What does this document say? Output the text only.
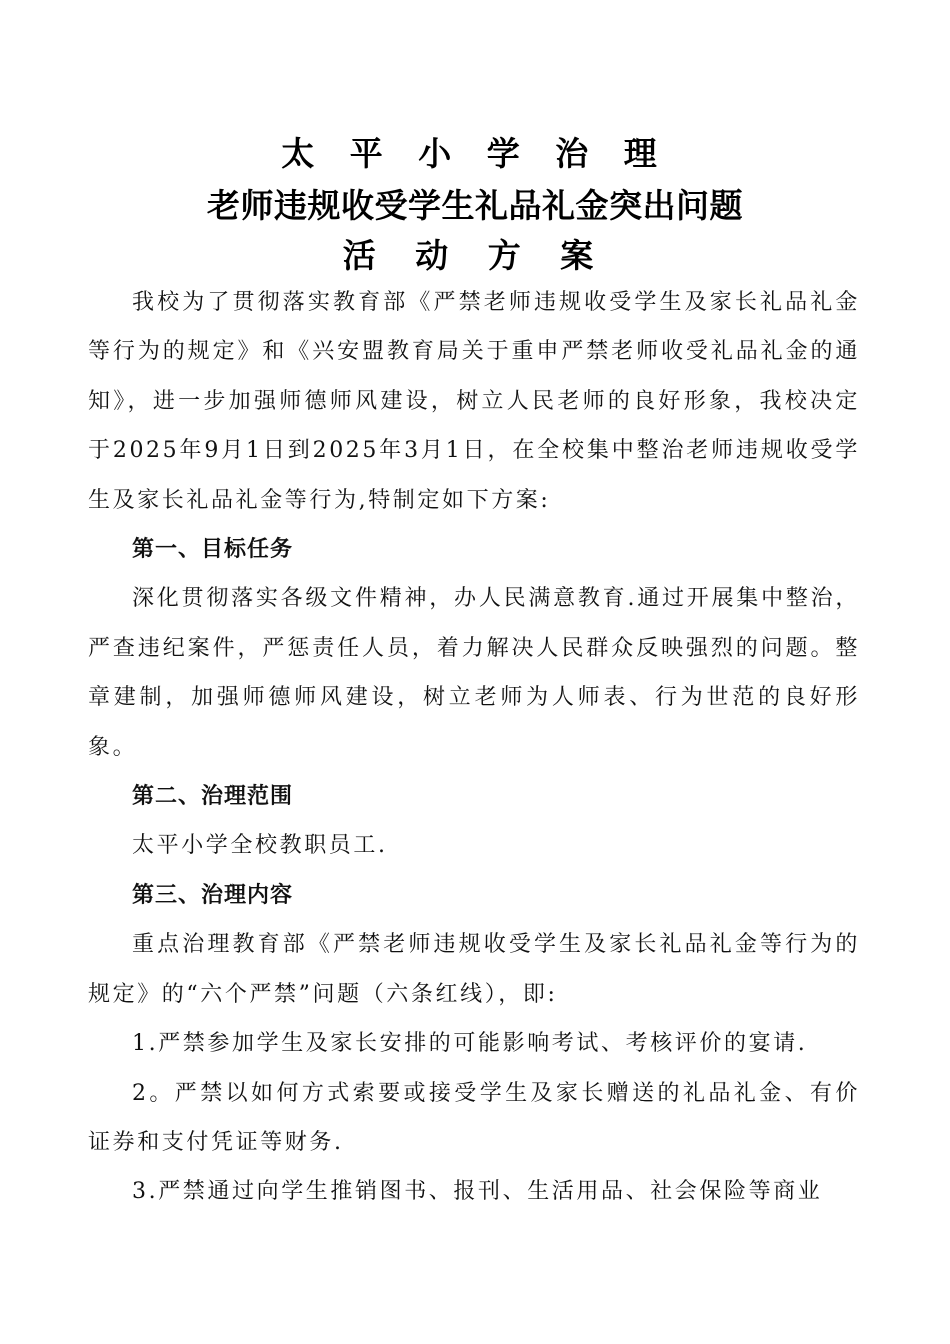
太 平 小 学 治 理
老师违规收受学生礼品礼金突出问题
活 动 方 案

我校为了贯彻落实教育部《严禁老师违规收受学生及家长礼品礼金等行为的规定》和《兴安盟教育局关于重申严禁老师收受礼品礼金的通知》，进一步加强师德师风建设，树立人民老师的良好形象，我校决定于2025年9月1日到2025年3月1日，在全校集中整治老师违规收受学生及家长礼品礼金等行为,特制定如下方案:

第一、目标任务

深化贯彻落实各级文件精神，办人民满意教育.通过开展集中整治，严查违纪案件，严惩责任人员，着力解决人民群众反映强烈的问题。整章建制，加强师德师风建设，树立老师为人师表、行为世范的良好形象。

第二、治理范围

太平小学全校教职员工.

第三、治理内容

重点治理教育部《严禁老师违规收受学生及家长礼品礼金等行为的规定》的“六个严禁”问题（六条红线），即:

1.严禁参加学生及家长安排的可能影响考试、考核评价的宴请.

2。严禁以如何方式索要或接受学生及家长赠送的礼品礼金、有价证券和支付凭证等财务.

3.严禁通过向学生推销图书、报刊、生活用品、社会保险等商业
